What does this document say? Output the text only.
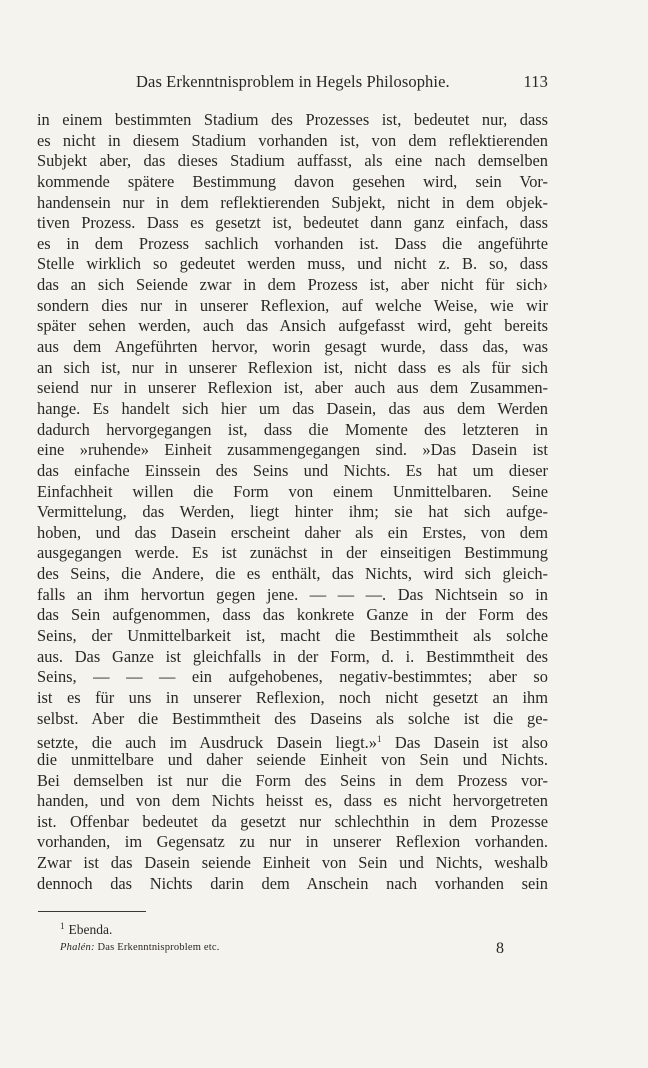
Das Erkenntnisproblem in Hegels Philosophie.	113
in einem bestimmten Stadium des Prozesses ist, bedeutet nur, dass
es nicht in diesem Stadium vorhanden ist, von dem reflektierenden
Subjekt aber, das dieses Stadium auffasst, als eine nach demselben
kommende spätere Bestimmung davon gesehen wird, sein Vor-
handensein nur in dem reflektierenden Subjekt, nicht in dem objek-
tiven Prozess. Dass es gesetzt ist, bedeutet dann ganz einfach, dass
es in dem Prozess sachlich vorhanden ist. Dass die angeführte
Stelle wirklich so gedeutet werden muss, und nicht z. B. so, dass
das an sich Seiende zwar in dem Prozess ist, aber nicht für sich›
sondern dies nur in unserer Reflexion, auf welche Weise, wie wir
später sehen werden, auch das Ansich aufgefasst wird, geht bereits
aus dem Angeführten hervor, worin gesagt wurde, dass das, was
an sich ist, nur in unserer Reflexion ist, nicht dass es als für sich
seiend nur in unserer Reflexion ist, aber auch aus dem Zusammen-
hange. Es handelt sich hier um das Dasein, das aus dem Werden
dadurch hervorgegangen ist, dass die Momente des letzteren in
eine »ruhende» Einheit zusammengegangen sind. »Das Dasein ist
das einfache Einssein des Seins und Nichts. Es hat um dieser
Einfachheit willen die Form von einem Unmittelbaren. Seine
Vermittelung, das Werden, liegt hinter ihm; sie hat sich aufge-
hoben, und das Dasein erscheint daher als ein Erstes, von dem
ausgegangen werde. Es ist zunächst in der einseitigen Bestimmung
des Seins, die Andere, die es enthält, das Nichts, wird sich gleich-
falls an ihm hervortun gegen jene. — — —. Das Nichtsein so in
das Sein aufgenommen, dass das konkrete Ganze in der Form des
Seins, der Unmittelbarkeit ist, macht die Bestimmtheit als solche
aus. Das Ganze ist gleichfalls in der Form, d. i. Bestimmtheit des
Seins, — — — ein aufgehobenes, negativ-bestimmtes; aber so
ist es für uns in unserer Reflexion, noch nicht gesetzt an ihm
selbst. Aber die Bestimmtheit des Daseins als solche ist die ge-
setzte, die auch im Ausdruck Dasein liegt.»$^1$ Das Dasein ist also
die unmittelbare und daher seiende Einheit von Sein und Nichts.
Bei demselben ist nur die Form des Seins in dem Prozess vor-
handen, und von dem Nichts heisst es, dass es nicht hervorgetreten
ist. Offenbar bedeutet da gesetzt nur schlechthin in dem Prozesse
vorhanden, im Gegensatz zu nur in unserer Reflexion vorhanden.
Zwar ist das Dasein seiende Einheit von Sein und Nichts, weshalb
dennoch das Nichts darin dem Anschein nach vorhanden sein
$^1$ Ebenda.
Phalén: Das Erkenntnisproblem etc.	8
